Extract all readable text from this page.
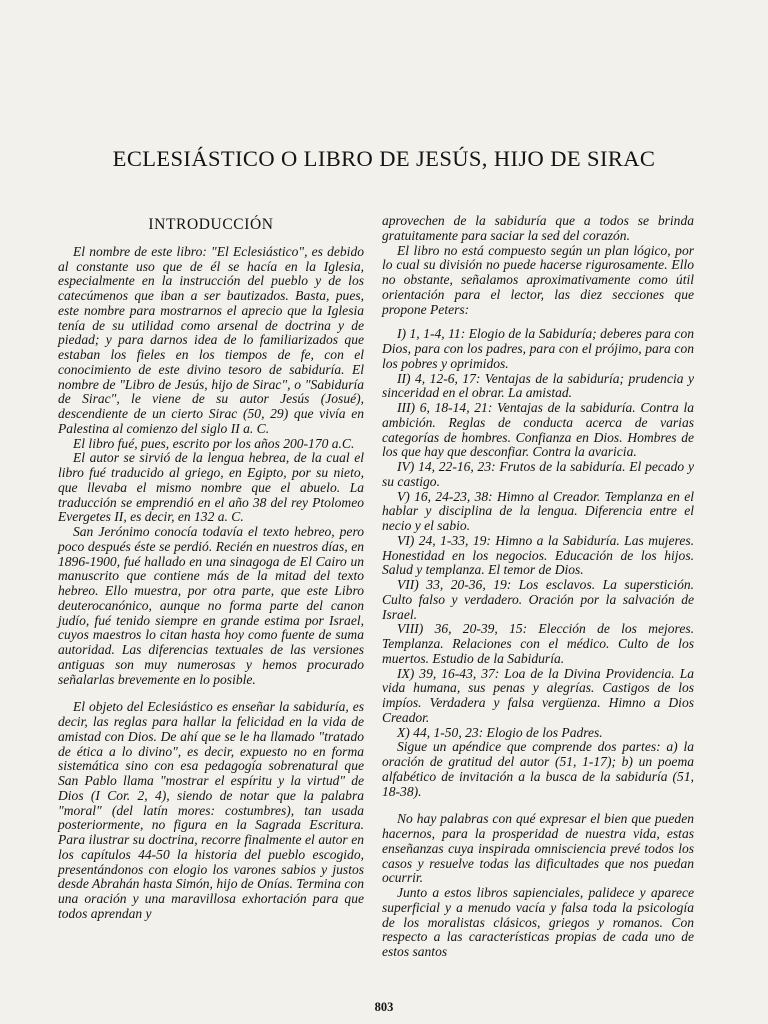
ECLESIÁSTICO O LIBRO DE JESÚS, HIJO DE SIRAC
INTRODUCCIÓN

El nombre de este libro: "El Eclesiástico", es debido al constante uso que de él se hacía en la Iglesia, especialmente en la instrucción del pueblo y de los catecúmenos que iban a ser bautizados. Basta, pues, este nombre para mostrarnos el aprecio que la Iglesia tenía de su utilidad como arsenal de doctrina y de piedad; y para darnos idea de lo familiarizados que estaban los fieles en los tiempos de fe, con el conocimiento de este divino tesoro de sabiduría. El nombre de "Libro de Jesús, hijo de Sirac", o "Sabiduría de Sirac", le viene de su autor Jesús (Josué), descendiente de un cierto Sirac (50, 29) que vivía en Palestina al comienzo del siglo II a. C.

El libro fué, pues, escrito por los años 200-170 a.C.

El autor se sirvió de la lengua hebrea, de la cual el libro fué traducido al griego, en Egipto, por su nieto, que llevaba el mismo nombre que el abuelo. La traducción se emprendió en el año 38 del rey Ptolomeo Evergetes II, es decir, en 132 a. C.

San Jerónimo conocía todavía el texto hebreo, pero poco después éste se perdió. Recién en nuestros días, en 1896-1900, fué hallado en una sinagoga de El Cairo un manuscrito que contiene más de la mitad del texto hebreo. Ello muestra, por otra parte, que este Libro deuterocanónico, aunque no forma parte del canon judío, fué tenido siempre en grande estima por Israel, cuyos maestros lo citan hasta hoy como fuente de suma autoridad. Las diferencias textuales de las versiones antiguas son muy numerosas y hemos procurado señalarlas brevemente en lo posible.

El objeto del Eclesiástico es enseñar la sabiduría, es decir, las reglas para hallar la felicidad en la vida de amistad con Dios. De ahí que se le ha llamado "tratado de ética a lo divino", es decir, expuesto no en forma sistemática sino con esa pedagogía sobrenatural que San Pablo llama "mostrar el espíritu y la virtud" de Dios (I Cor. 2, 4), siendo de notar que la palabra "moral" (del latín mores: costumbres), tan usada posteriormente, no figura en la Sagrada Escritura. Para ilustrar su doctrina, recorre finalmente el autor en los capítulos 44-50 la historia del pueblo escogido, presentándonos con elogio los varones sabios y justos desde Abrahán hasta Simón, hijo de Onías. Termina con una oración y una maravillosa exhortación para que todos aprendan y

aprovechen de la sabiduría que a todos se brinda gratuitamente para saciar la sed del corazón.

El libro no está compuesto según un plan lógico, por lo cual su división no puede hacerse rigurosamente. Ello no obstante, señalamos aproximativamente como útil orientación para el lector, las diez secciones que propone Peters:

I) 1, 1-4, 11: Elogio de la Sabiduría; deberes para con Dios, para con los padres, para con el prójimo, para con los pobres y oprimidos.

II) 4, 12-6, 17: Ventajas de la sabiduría; prudencia y sinceridad en el obrar. La amistad.

III) 6, 18-14, 21: Ventajas de la sabiduría. Contra la ambición. Reglas de conducta acerca de varias categorías de hombres. Confianza en Dios. Hombres de los que hay que desconfiar. Contra la avaricia.

IV) 14, 22-16, 23: Frutos de la sabiduría. El pecado y su castigo.

V) 16, 24-23, 38: Himno al Creador. Templanza en el hablar y disciplina de la lengua. Diferencia entre el necio y el sabio.

VI) 24, 1-33, 19: Himno a la Sabiduría. Las mujeres. Honestidad en los negocios. Educación de los hijos. Salud y templanza. El temor de Dios.

VII) 33, 20-36, 19: Los esclavos. La superstición. Culto falso y verdadero. Oración por la salvación de Israel.

VIII) 36, 20-39, 15: Elección de los mejores. Templanza. Relaciones con el médico. Culto de los muertos. Estudio de la Sabiduría.

IX) 39, 16-43, 37: Loa de la Divina Providencia. La vida humana, sus penas y alegrías. Castigos de los impíos. Verdadera y falsa vergüenza. Himno a Dios Creador.

X) 44, 1-50, 23: Elogio de los Padres.

Sigue un apéndice que comprende dos partes: a) la oración de gratitud del autor (51, 1-17); b) un poema alfabético de invitación a la busca de la sabiduría (51, 18-38).

No hay palabras con qué expresar el bien que pueden hacernos, para la prosperidad de nuestra vida, estas enseñanzas cuya inspirada omnisciencia prevé todos los casos y resuelve todas las dificultades que nos puedan ocurrir.

Junto a estos libros sapienciales, palidece y aparece superficial y a menudo vacía y falsa toda la psicología de los moralistas clásicos, griegos y romanos. Con respecto a las características propias de cada uno de estos santos

803
